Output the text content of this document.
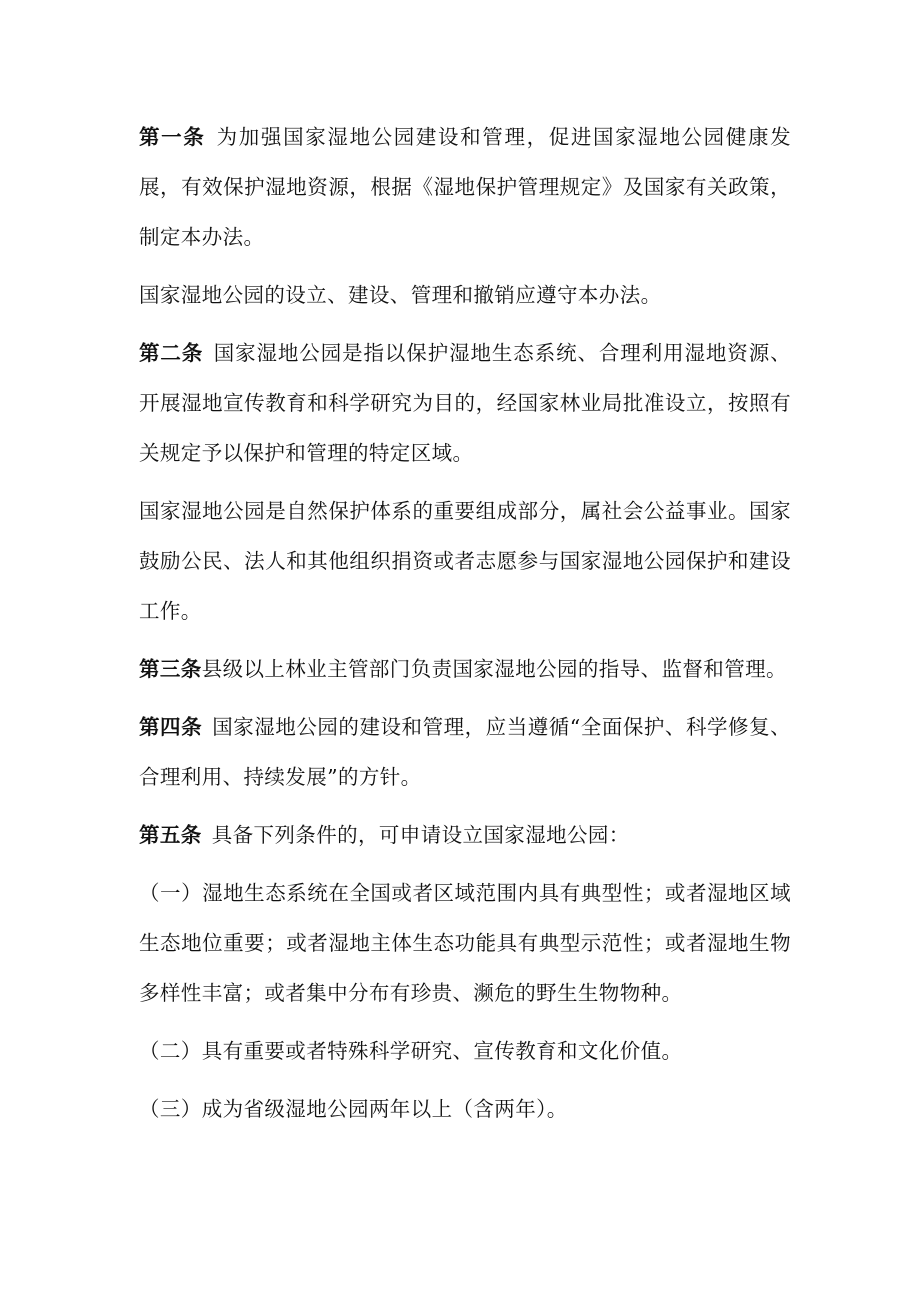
第一条 为加强国家湿地公园建设和管理，促进国家湿地公园健康发展，有效保护湿地资源，根据《湿地保护管理规定》及国家有关政策，制定本办法。

国家湿地公园的设立、建设、管理和撤销应遵守本办法。

第二条 国家湿地公园是指以保护湿地生态系统、合理利用湿地资源、开展湿地宣传教育和科学研究为目的，经国家林业局批准设立，按照有关规定予以保护和管理的特定区域。

国家湿地公园是自然保护体系的重要组成部分，属社会公益事业。国家鼓励公民、法人和其他组织捐资或者志愿参与国家湿地公园保护和建设工作。

第三条县级以上林业主管部门负责国家湿地公园的指导、监督和管理。

第四条 国家湿地公园的建设和管理，应当遵循“全面保护、科学修复、合理利用、持续发展”的方针。

第五条 具备下列条件的，可申请设立国家湿地公园：

（一）湿地生态系统在全国或者区域范围内具有典型性；或者湿地区域生态地位重要；或者湿地主体生态功能具有典型示范性；或者湿地生物多样性丰富；或者集中分布有珍贵、濒危的野生生物物种。

（二）具有重要或者特殊科学研究、宣传教育和文化价值。

（三）成为省级湿地公园两年以上（含两年）。
